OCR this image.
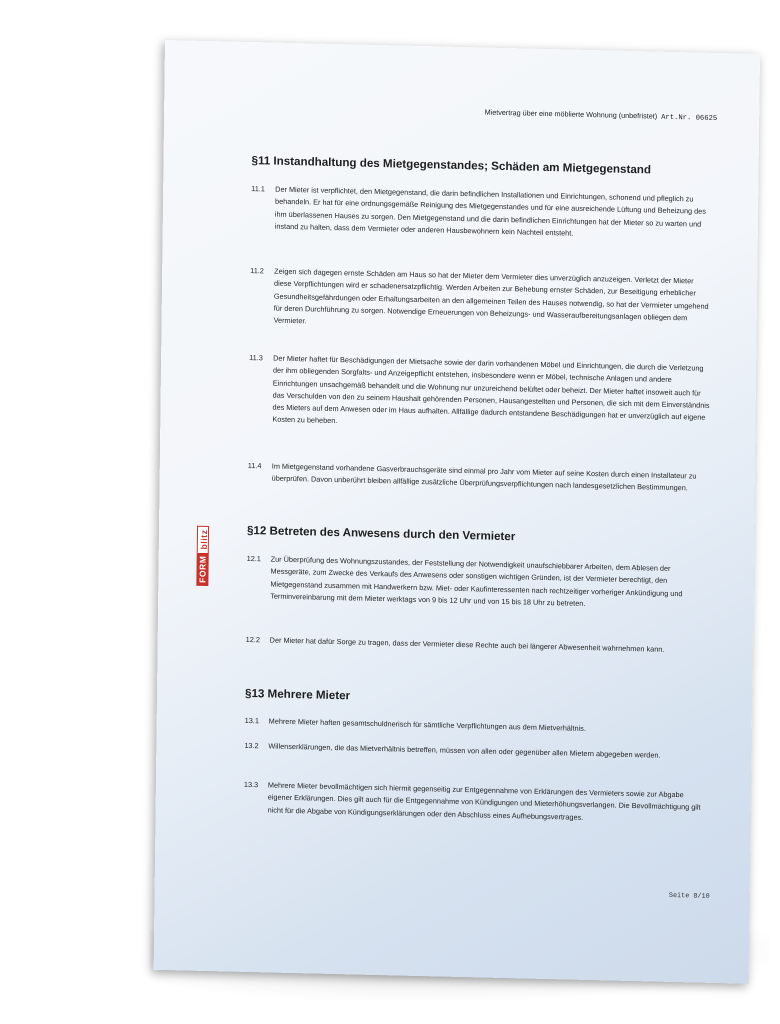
Mietvertrag über eine möblierte Wohnung (unbefristet) Art.Nr. 06625
FORM
blitz
§11 Instandhaltung des Mietgegenstandes; Schäden am Mietgegenstand
11.1 Der Mieter ist verpflichtet, den Mietgegenstand, die darin befindlichen Installationen und Einrichtungen, schonend und pfleglich zu behandeln. Er hat für eine ordnungsgemäße Reinigung des Mietgegenstandes und für eine ausreichende Lüftung und Beheizung des ihm überlassenen Hauses zu sorgen. Den Mietgegenstand und die darin befindlichen Einrichtungen hat der Mieter so zu warten und instand zu halten, dass dem Vermieter oder anderen Hausbewohnern kein Nachteil entsteht.
11.2 Zeigen sich dagegen ernste Schäden am Haus so hat der Mieter dem Vermieter dies unverzüglich anzuzeigen. Verletzt der Mieter diese Verpflichtungen wird er schadenersatzpflichtig. Werden Arbeiten zur Behebung ernster Schäden, zur Beseitigung erheblicher Gesundheitsgefährdungen oder Erhaltungsarbeiten an den allgemeinen Teilen des Hauses notwendig, so hat der Vermieter umgehend für deren Durchführung zu sorgen. Notwendige Erneuerungen von Beheizungs- und Wasseraufbereitungsanlagen obliegen dem Vermieter.
11.3 Der Mieter haftet für Beschädigungen der Mietsache sowie der darin vorhandenen Möbel und Einrichtungen, die durch die Verletzung der ihm obliegenden Sorgfalts- und Anzeigepflicht entstehen, insbesondere wenn er Möbel, technische Anlagen und andere Einrichtungen unsachgemäß behandelt und die Wohnung nur unzureichend belüftet oder beheizt. Der Mieter haftet insoweit auch für das Verschulden von den zu seinem Haushalt gehörenden Personen, Hausangestellten und Personen, die sich mit dem Einverständnis des Mieters auf dem Anwesen oder im Haus aufhalten. Allfällige dadurch entstandene Beschädigungen hat er unverzüglich auf eigene Kosten zu beheben.
11.4 Im Mietgegenstand vorhandene Gasverbrauchsgeräte sind einmal pro Jahr vom Mieter auf seine Kosten durch einen Installateur zu überprüfen. Davon unberührt bleiben allfällige zusätzliche Überprüfungsverpflichtungen nach landesgesetzlichen Bestimmungen.
§12 Betreten des Anwesens durch den Vermieter
12.1 Zur Überprüfung des Wohnungszustandes, der Feststellung der Notwendigkeit unaufschiebbarer Arbeiten, dem Ablesen der Messgeräte, zum Zwecke des Verkaufs des Anwesens oder sonstigen wichtigen Gründen, ist der Vermieter berechtigt, den Mietgegenstand zusammen mit Handwerkern bzw. Miet- oder Kaufinteressenten nach rechtzeitiger vorheriger Ankündigung und Terminvereinbarung mit dem Mieter werktags von 9 bis 12 Uhr und von 15 bis 18 Uhr zu betreten.
12.2 Der Mieter hat dafür Sorge zu tragen, dass der Vermieter diese Rechte auch bei längerer Abwesenheit wahrnehmen kann.
§13 Mehrere Mieter
13.1 Mehrere Mieter haften gesamtschuldnerisch für sämtliche Verpflichtungen aus dem Mietverhältnis.
13.2 Willenserklärungen, die das Mietverhältnis betreffen, müssen von allen oder gegenüber allen Mietern abgegeben werden.
13.3 Mehrere Mieter bevollmächtigen sich hiermit gegenseitig zur Entgegennahme von Erklärungen des Vermieters sowie zur Abgabe eigener Erklärungen. Dies gilt auch für die Entgegennahme von Kündigungen und Mieterhöhungsverlangen. Die Bevollmächtigung gilt nicht für die Abgabe von Kündigungserklärungen oder den Abschluss eines Aufhebungsvertrages.
Seite 8/10
